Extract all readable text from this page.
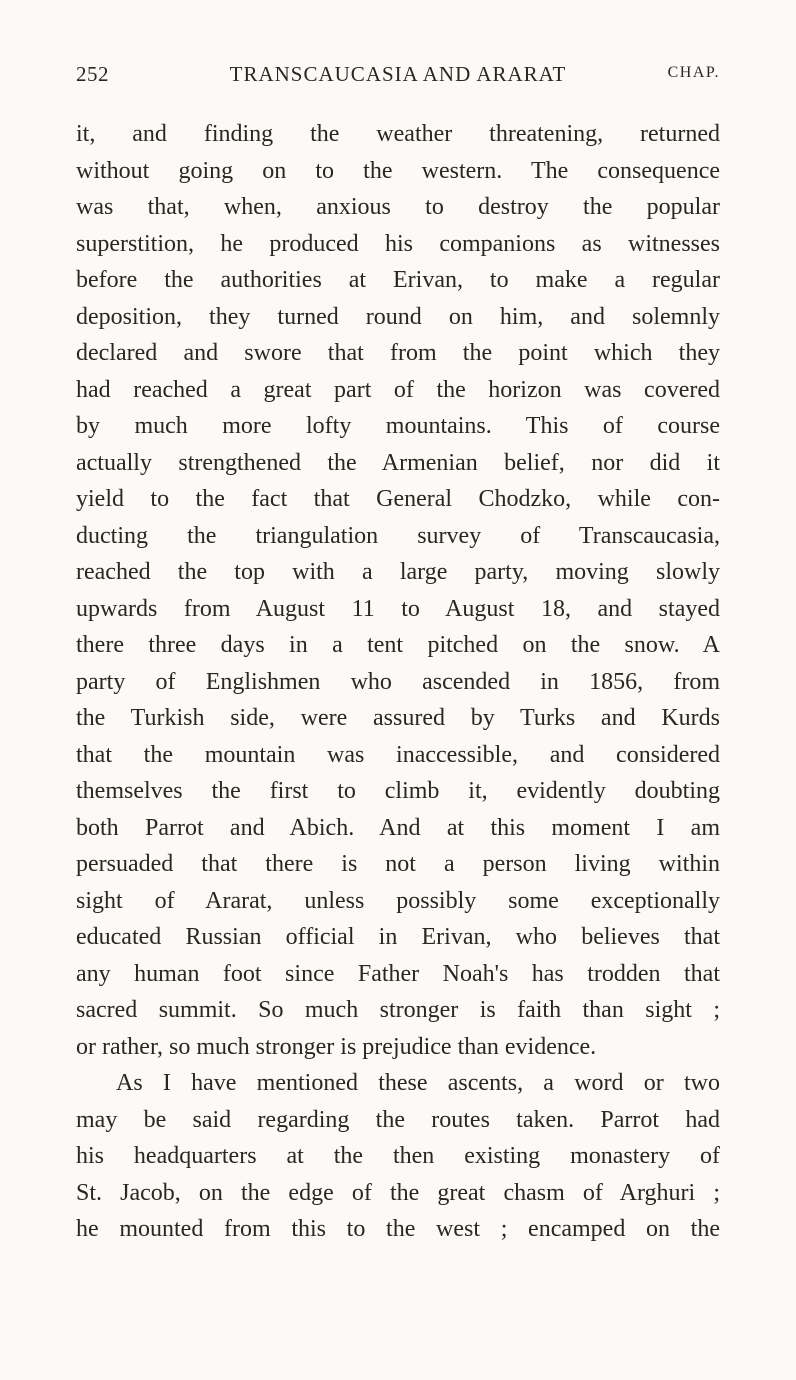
252	TRANSCAUCASIA AND ARARAT	CHAP.
it, and finding the weather threatening, returned
without going on to the western. The consequence
was that, when, anxious to destroy the popular
superstition, he produced his companions as witnesses
before the authorities at Erivan, to make a regular
deposition, they turned round on him, and solemnly
declared and swore that from the point which they
had reached a great part of the horizon was covered
by much more lofty mountains. This of course
actually strengthened the Armenian belief, nor did it
yield to the fact that General Chodzko, while con-
ducting the triangulation survey of Transcaucasia,
reached the top with a large party, moving slowly
upwards from August 11 to August 18, and stayed
there three days in a tent pitched on the snow. A
party of Englishmen who ascended in 1856, from
the Turkish side, were assured by Turks and Kurds
that the mountain was inaccessible, and considered
themselves the first to climb it, evidently doubting
both Parrot and Abich. And at this moment I am
persuaded that there is not a person living within
sight of Ararat, unless possibly some exceptionally
educated Russian official in Erivan, who believes that
any human foot since Father Noah's has trodden that
sacred summit. So much stronger is faith than sight ;
or rather, so much stronger is prejudice than evidence.
As I have mentioned these ascents, a word or two
may be said regarding the routes taken. Parrot had
his headquarters at the then existing monastery of
St. Jacob, on the edge of the great chasm of Arghuri ;
he mounted from this to the west ; encamped on the
